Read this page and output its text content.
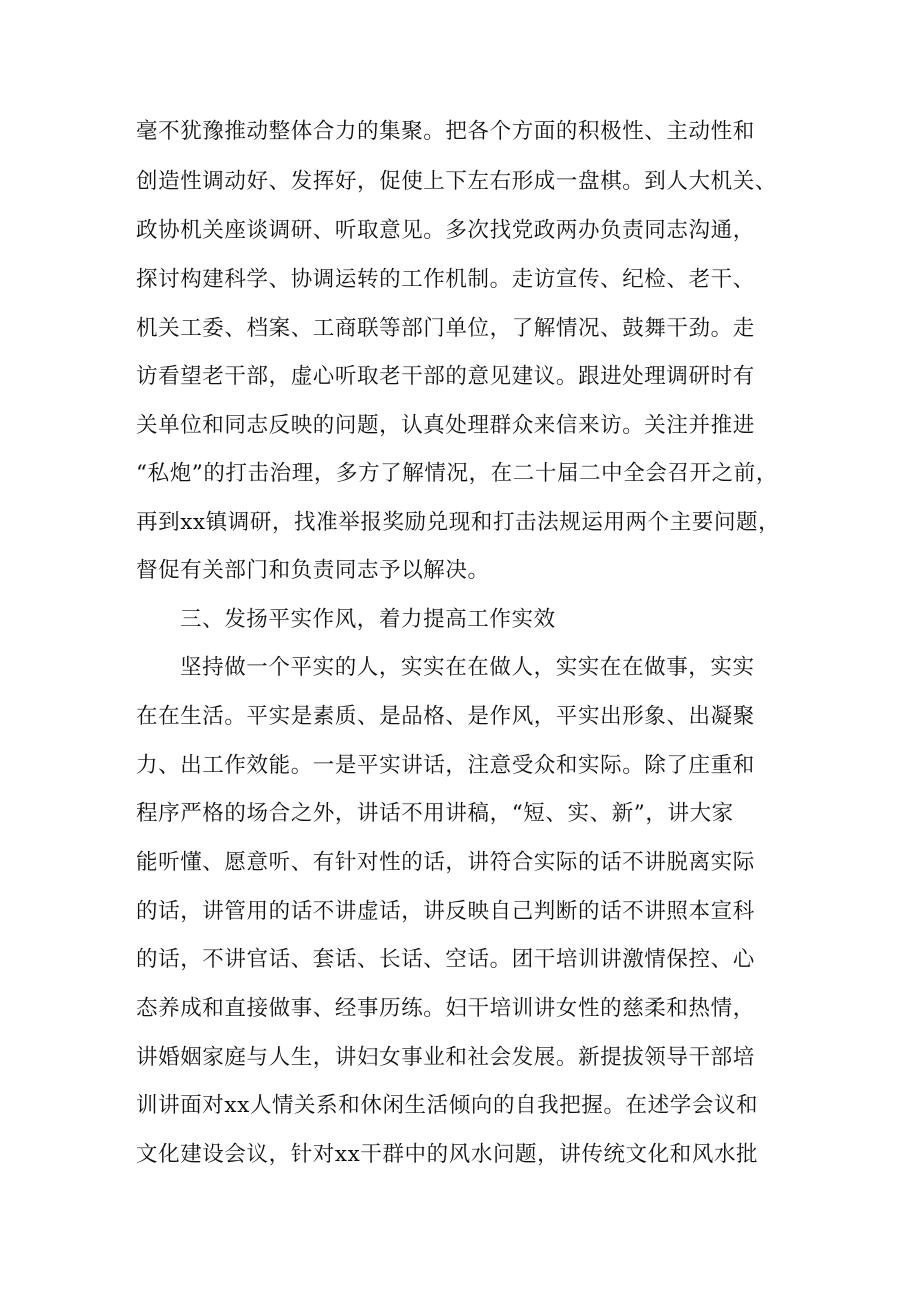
毫不犹豫推动整体合力的集聚。把各个方面的积极性、主动性和
创造性调动好、发挥好，促使上下左右形成一盘棋。到人大机关、
政协机关座谈调研、听取意见。多次找党政两办负责同志沟通，
探讨构建科学、协调运转的工作机制。走访宣传、纪检、老干、
机关工委、档案、工商联等部门单位，了解情况、鼓舞干劲。走
访看望老干部，虚心听取老干部的意见建议。跟进处理调研时有
关单位和同志反映的问题，认真处理群众来信来访。关注并推进
“私炮”的打击治理，多方了解情况，在二十届二中全会召开之前，
再到xx镇调研，找准举报奖励兑现和打击法规运用两个主要问题，
督促有关部门和负责同志予以解决。
三、发扬平实作风，着力提高工作实效
坚持做一个平实的人，实实在在做人，实实在在做事，实实
在在生活。平实是素质、是品格、是作风，平实出形象、出凝聚
力、出工作效能。一是平实讲话，注意受众和实际。除了庄重和
程序严格的场合之外，讲话不用讲稿，“短、实、新”，讲大家
能听懂、愿意听、有针对性的话，讲符合实际的话不讲脱离实际
的话，讲管用的话不讲虚话，讲反映自己判断的话不讲照本宣科
的话，不讲官话、套话、长话、空话。团干培训讲激情保控、心
态养成和直接做事、经事历练。妇干培训讲女性的慈柔和热情，
讲婚姻家庭与人生，讲妇女事业和社会发展。新提拔领导干部培
训讲面对xx人情关系和休闲生活倾向的自我把握。在述学会议和
文化建设会议，针对xx干群中的风水问题，讲传统文化和风水批
